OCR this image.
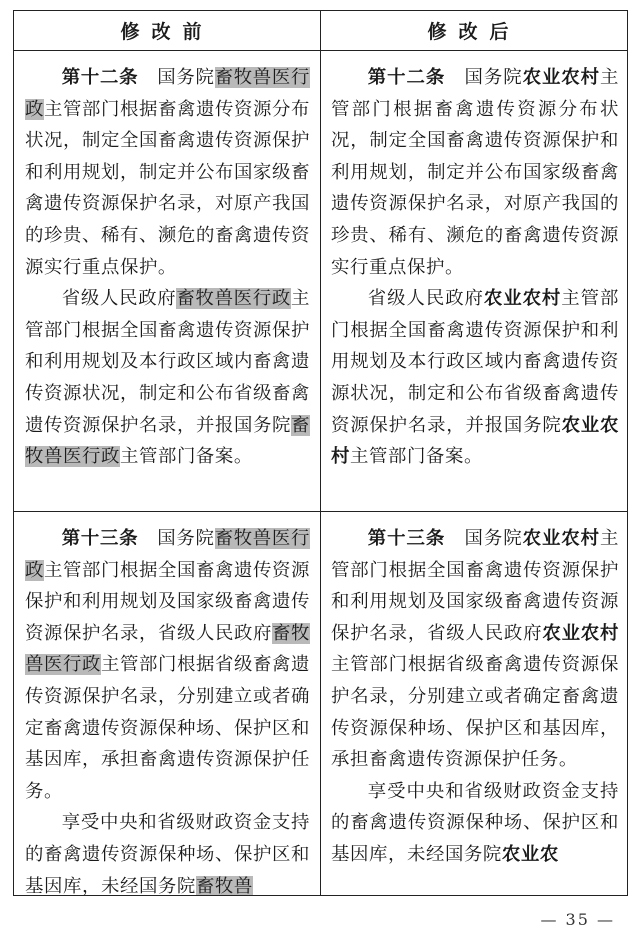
修改前	修改后

第十二条　 国务院畜牧兽医行政主管部门根据畜禽遗传资源分布状况，制定全国畜禽遗传资源保护和利用规划，制定并公布国家级畜禽遗传资源保护名录，对原产我国的珍贵、稀有、濒危的畜禽遗传资源实行重点保护。

省级人民政府畜牧兽医行政主管部门根据全国畜禽遗传资源保护和利用规划及本行政区域内畜禽遗传资源状况，制定和公布省级畜禽遗传资源保护名录，并报国务院畜牧兽医行政主管部门备案。

第十二条　 国务院农业农村主管部门根据畜禽遗传资源分布状况，制定全国畜禽遗传资源保护和利用规划，制定并公布国家级畜禽遗传资源保护名录，对原产我国的珍贵、稀有、濒危的畜禽遗传资源实行重点保护。

省级人民政府农业农村主管部门根据全国畜禽遗传资源保护和利用规划及本行政区域内畜禽遗传资源状况，制定和公布省级畜禽遗传资源保护名录，并报国务院农业农村主管部门备案。

第十三条　 国务院畜牧兽医行政主管部门根据全国畜禽遗传资源保护和利用规划及国家级畜禽遗传资源保护名录，省级人民政府畜牧兽医行政主管部门根据省级畜禽遗传资源保护名录，分别建立或者确定畜禽遗传资源保种场、保护区和基因库，承担畜禽遗传资源保护任务。

享受中央和省级财政资金支持的畜禽遗传资源保种场、保护区和基因库，未经国务院畜牧兽

第十三条　 国务院农业农村主管部门根据全国畜禽遗传资源保护和利用规划及国家级畜禽遗传资源保护名录，省级人民政府农业农村主管部门根据省级畜禽遗传资源保护名录，分别建立或者确定畜禽遗传资源保种场、保护区和基因库，承担畜禽遗传资源保护任务。

享受中央和省级财政资金支持的畜禽遗传资源保种场、保护区和基因库，未经国务院农业农

— 35 —
